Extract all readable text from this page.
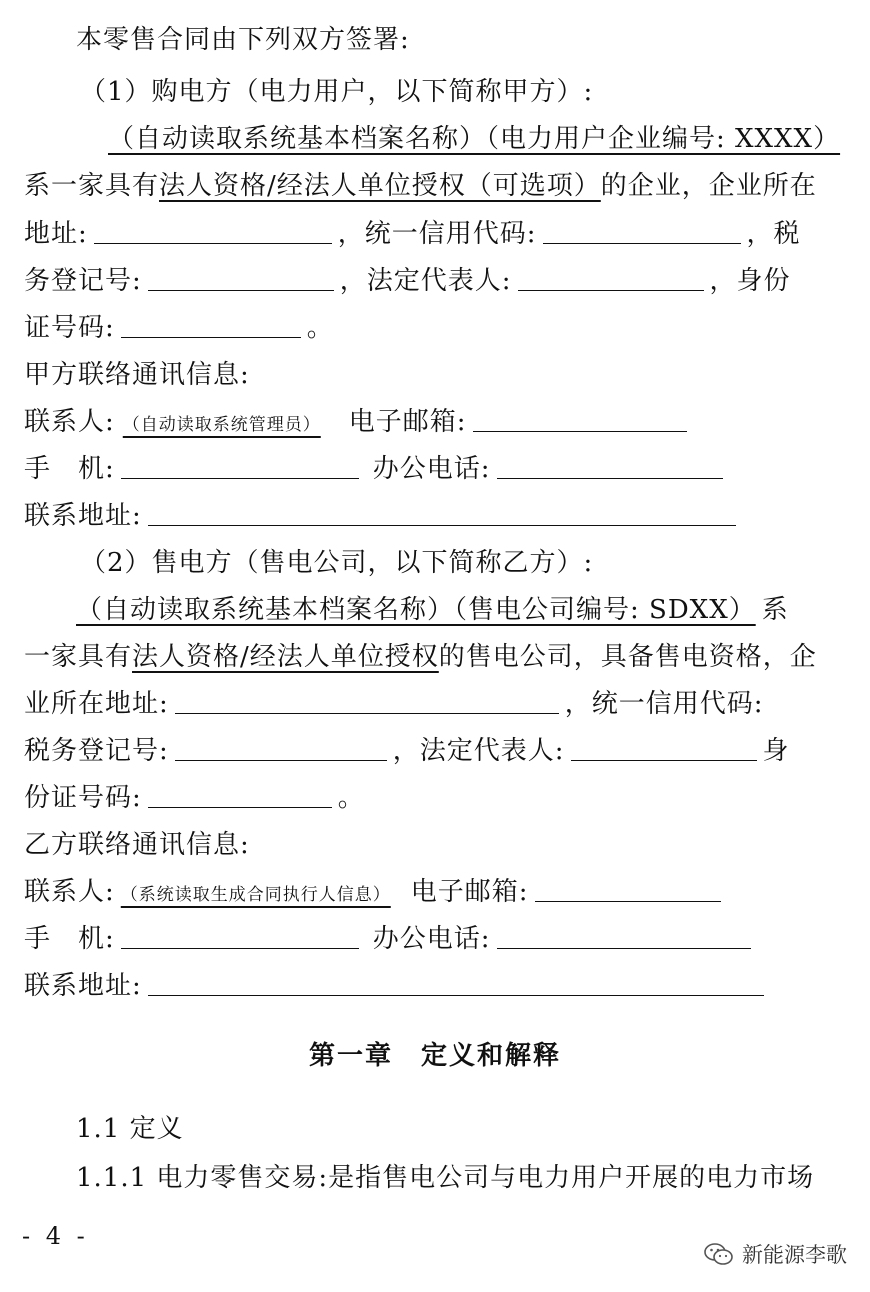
本零售合同由下列双方签署:
（1）购电方（电力用户，以下简称甲方）:
（自动读取系统基本档案名称）（电力用户企业编号: XXXX）
系一家具有法人资格/经法人单位授权（可选项）的企业，企业所在
地址:	，统一信用代码:	，税
务登记号:	，法定代表人:	，身份
证号码:	。
甲方联络通讯信息:
联系人: （自动读取系统管理员） 电子邮箱:
手　机:	办公电话:
联系地址:
（2）售电方（售电公司，以下简称乙方）:
（自动读取系统基本档案名称）（售电公司编号: SDXX） 系
一家具有法人资格/经法人单位授权的售电公司，具备售电资格，企
业所在地址:	，统一信用代码:
税务登记号:	，法定代表人:	身
份证号码:	。
乙方联络通讯信息:
联系人: （系统读取生成合同执行人信息） 电子邮箱:
手　机:	办公电话:
联系地址:
第一章　定义和解释
1.1 定义
1.1.1 电力零售交易:是指售电公司与电力用户开展的电力市场
- 4 -
新能源李歌
